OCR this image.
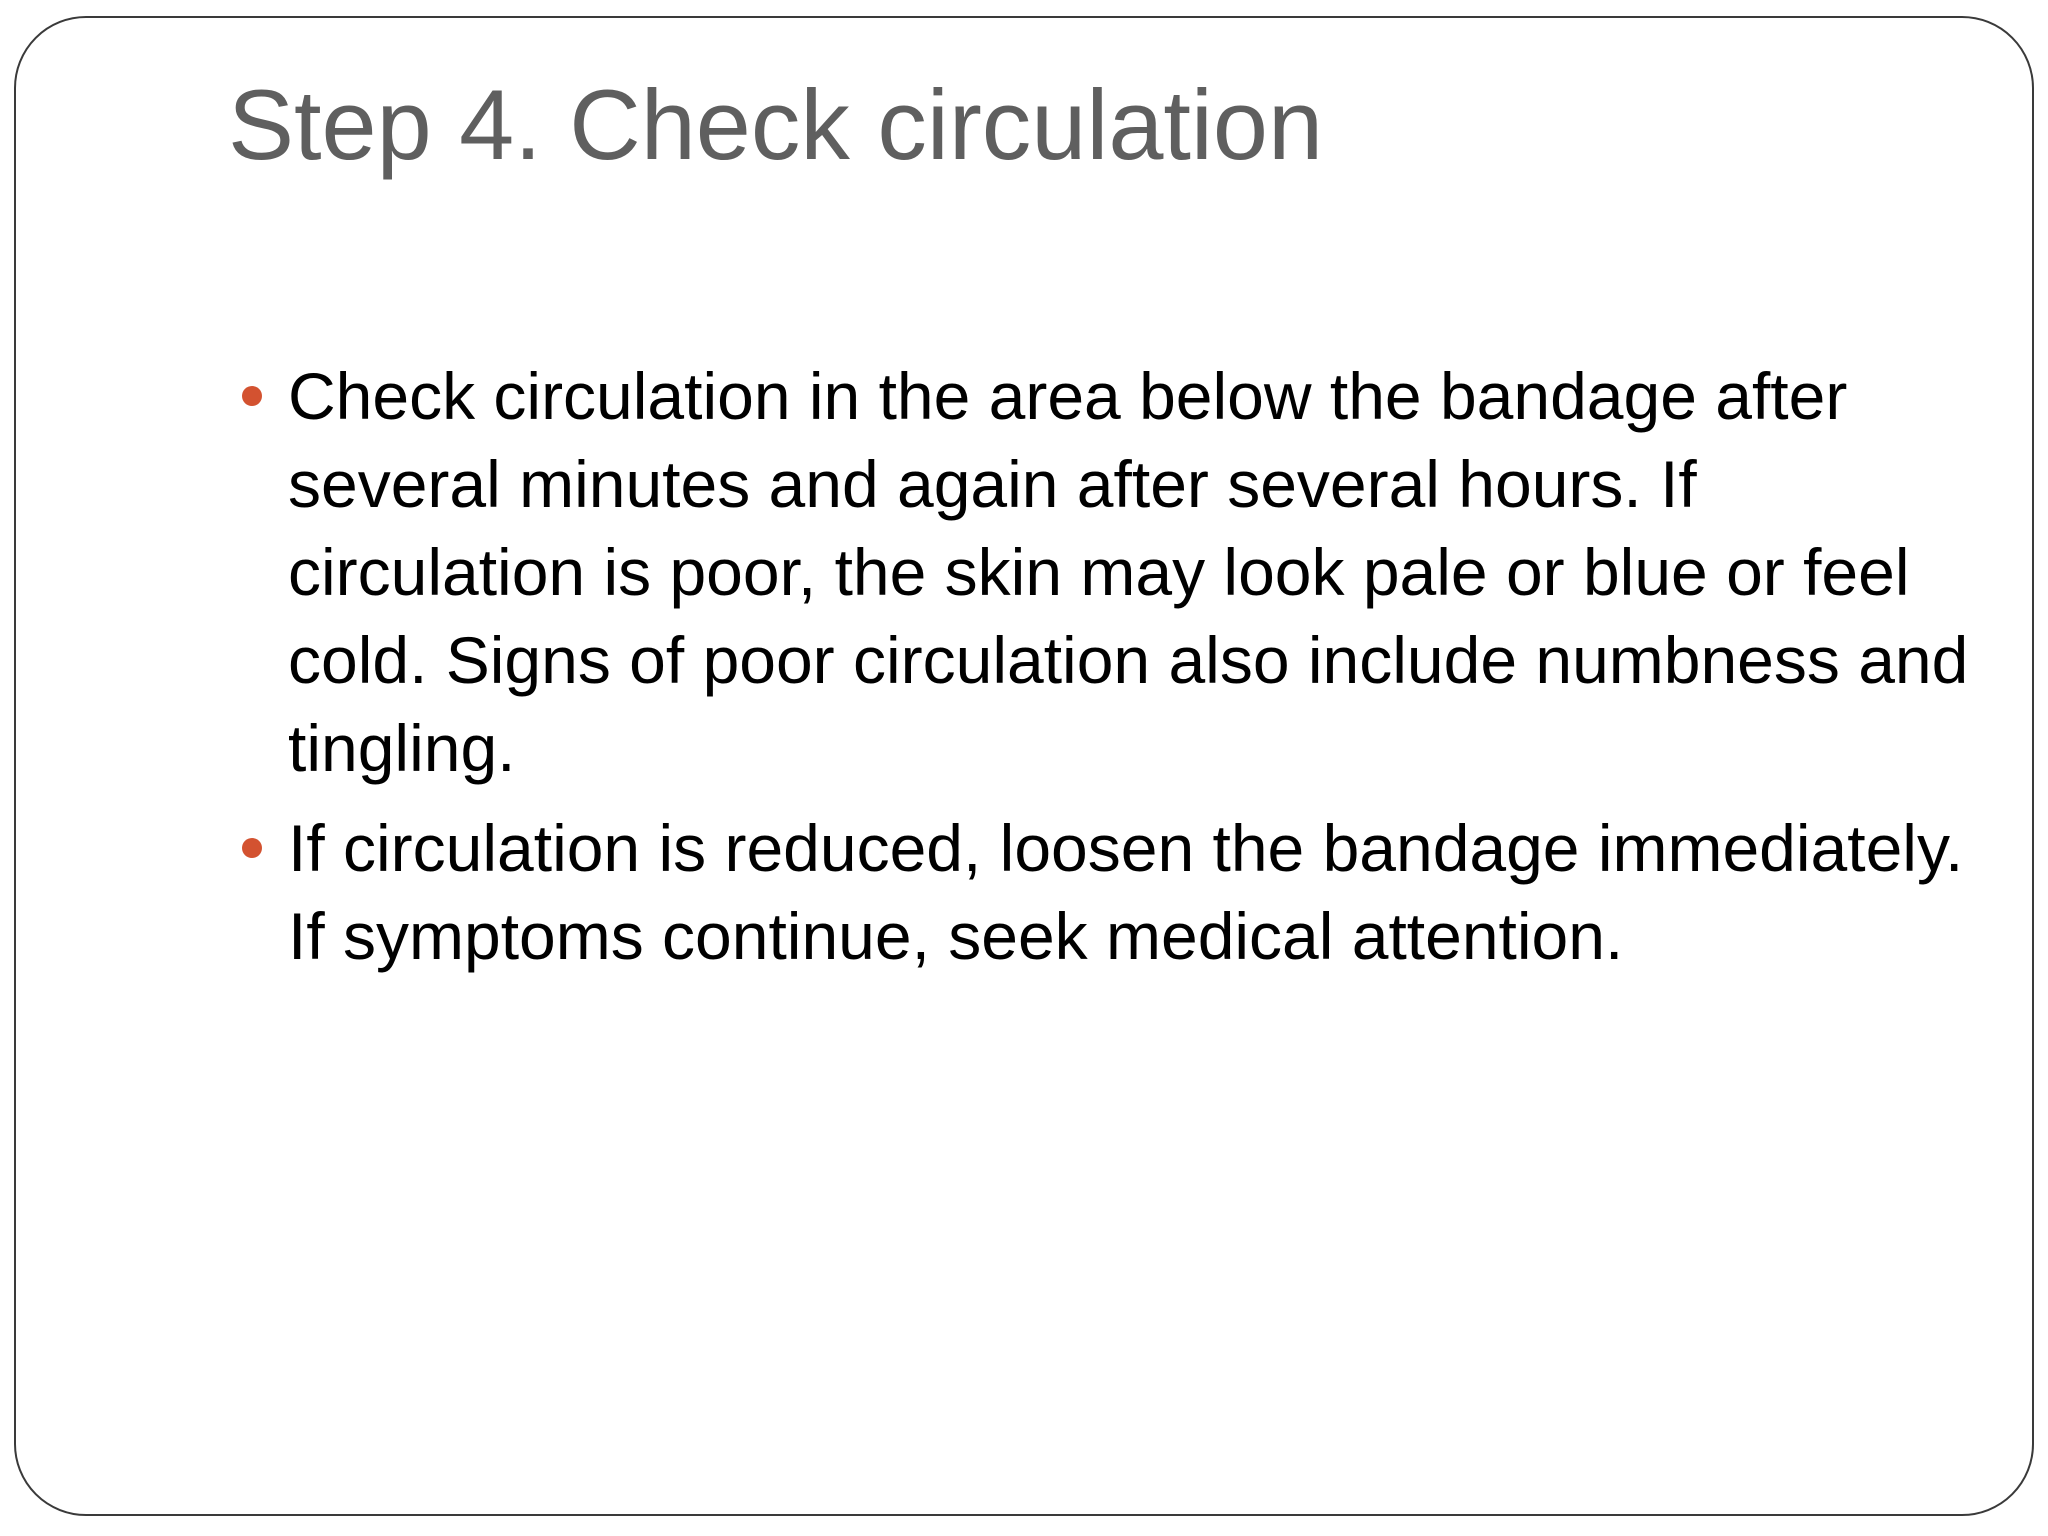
Step 4. Check circulation
Check circulation in the area below the bandage after several minutes and again after several hours. If circulation is poor, the skin may look pale or blue or feel cold. Signs of poor circulation also include numbness and tingling.
If circulation is reduced, loosen the bandage immediately. If symptoms continue, seek medical attention.
